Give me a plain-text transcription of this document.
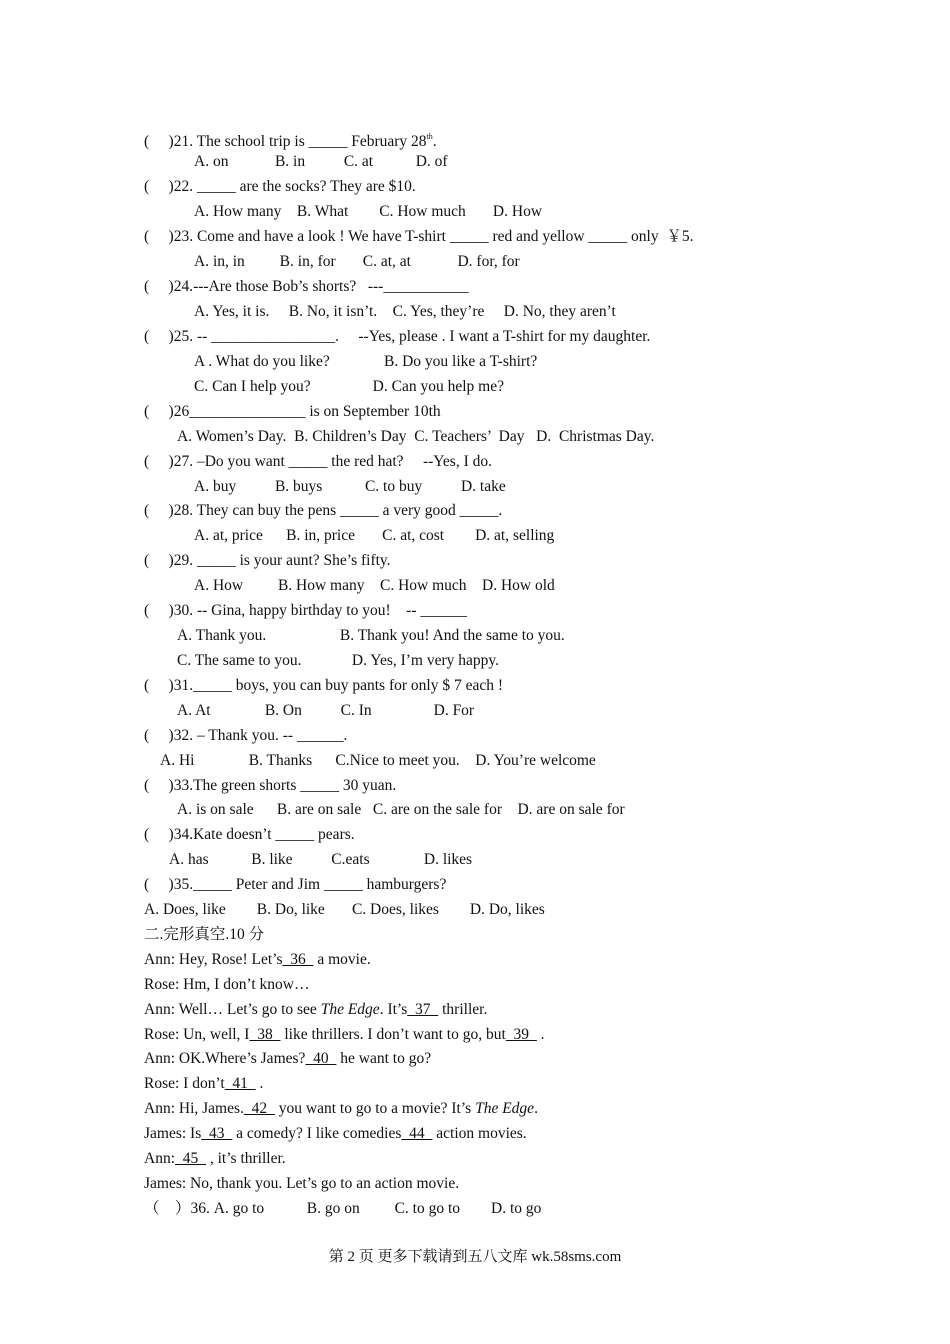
(     )21. The school trip is _____ February 28th.
A. on            B. in          C. at           D. of
(     )22. _____ are the socks? They are $10.
A. How many    B. What        C. How much       D. How
(     )23. Come and have a look ! We have T-shirt _____ red and yellow _____ only  ￥5.
A. in, in         B. in, for       C. at, at            D. for, for
(     )24.---Are those Bob’s shorts?   ---___________
A. Yes, it is.     B. No, it isn’t.    C. Yes, they’re     D. No, they aren’t
(     )25. -- ________________.     --Yes, please . I want a T-shirt for my daughter.
A . What do you like?              B. Do you like a T-shirt?
C. Can I help you?                D. Can you help me?
(     )26_______________ is on September 10th
A. Women’s Day.  B. Children’s Day  C. Teachers’  Day   D.  Christmas Day.
(     )27. –Do you want _____ the red hat?     --Yes, I do.
A. buy          B. buys           C. to buy          D. take
(     )28. They can buy the pens _____ a very good _____.
A. at, price      B. in, price       C. at, cost        D. at, selling
(     )29. _____ is your aunt? She’s fifty.
A. How         B. How many    C. How much    D. How old
(     )30. -- Gina, happy birthday to you!    -- ______
A. Thank you.                   B. Thank you! And the same to you.
C. The same to you.             D. Yes, I’m very happy.
(     )31._____ boys, you can buy pants for only $ 7 each !
A. At              B. On          C. In                D. For
(     )32. – Thank you. -- ______.
A. Hi              B. Thanks      C.Nice to meet you.    D. You’re welcome
(     )33.The green shorts _____ 30 yuan.
A. is on sale      B. are on sale   C. are on the sale for    D. are on sale for
(     )34.Kate doesn’t _____ pears.
A. has           B. like          C.eats              D. likes
(     )35._____ Peter and Jim _____ hamburgers?
A. Does, like        B. Do, like       C. Does, likes        D. Do, likes
二.完形真空.10 分
Ann: Hey, Rose! Let’s  36   a movie.
Rose: Hm, I don’t know…
Ann: Well… Let’s go to see The Edge. It’s  37   thriller.
Rose: Un, well, I  38   like thrillers. I don’t want to go, but  39   .
Ann: OK.Where’s James?  40   he want to go?
Rose: I don’t  41   .
Ann: Hi, James.  42   you want to go to a movie? It’s The Edge.
James: Is  43   a comedy? I like comedies  44   action movies.
Ann:  45   , it’s thriller.
James: No, thank you. Let’s go to an action movie.
（    ）36. A. go to           B. go on         C. to go to        D. to go
第 2 页 更多下载请到五八文库 wk.58sms.com
